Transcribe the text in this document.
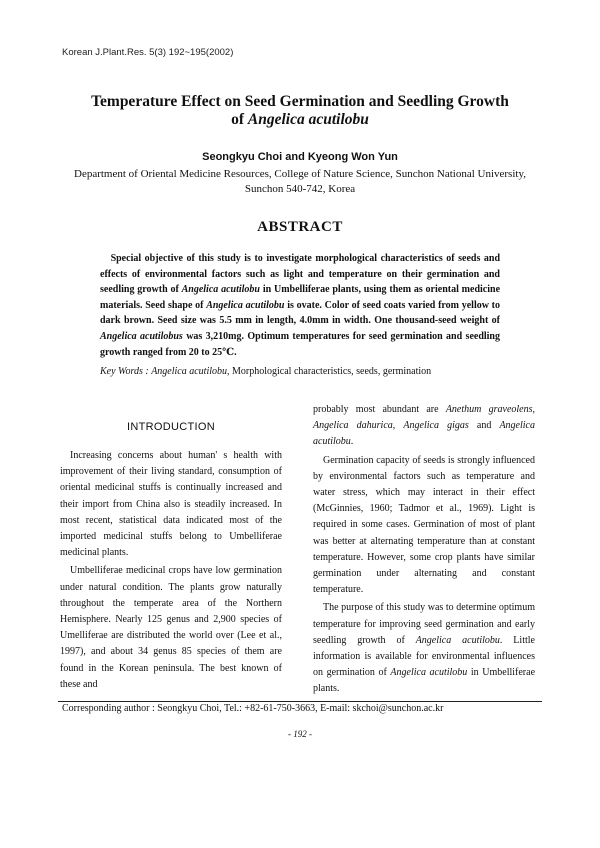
Korean J.Plant.Res. 5(3) 192~195(2002)
Temperature Effect on Seed Germination and Seedling Growth
of Angelica acutilobu
Seongkyu Choi and Kyeong Won Yun
Department of Oriental Medicine Resources, College of Nature Science, Sunchon National University,
Sunchon 540-742, Korea
ABSTRACT
Special objective of this study is to investigate morphological characteristics of seeds and effects of environmental factors such as light and temperature on their germination and seedling growth of Angelica acutilobu in Umbelliferae plants, using them as oriental medicine materials. Seed shape of Angelica acutilobu is ovate. Color of seed coats varied from yellow to dark brown. Seed size was 5.5 mm in length, 4.0mm in width. One thousand-seed weight of Angelica acutilobus was 3,210mg. Optimum temperatures for seed germination and seedling growth ranged from 20 to 25℃.
Key Words : Angelica acutilobu, Morphological characteristics, seeds, germination
INTRODUCTION

Increasing concerns about human' s health with improvement of their living standard, consumption of oriental medicinal stuffs is continually increased and their import from China also is steadily increased. In most recent, statistical data indicated most of the imported medicinal stuffs belong to Umbelliferae medicinal plants.

Umbelliferae medicinal crops have low germination under natural condition. The plants grow naturally throughout the temperate area of the Northern Hemisphere. Nearly 125 genus and 2,900 species of Umelliferae are distributed the world over (Lee et al., 1997), and about 34 genus 85 species of them are found in the Korean peninsula. The best known of these and

probably most abundant are Anethum graveolens, Angelica dahurica, Angelica gigas and Angelica acutilobu.

Germination capacity of seeds is strongly influenced by environmental factors such as temperature and water stress, which may interact in their effect (McGinnies, 1960; Tadmor et al., 1969). Light is required in some cases. Germination of most of plant was better at alternating temperature than at constant temperature. However, some crop plants have similar germination under alternating and constant temperature.

The purpose of this study was to determine optimum temperature for improving seed germination and early seedling growth of Angelica acutilobu. Little information is available for environmental influences on germination of Angelica acutilobu in Umbelliferae plants.

Corresponding author : Seongkyu Choi, Tel.: +82-61-750-3663, E-mail: skchoi@sunchon.ac.kr
- 192 -
